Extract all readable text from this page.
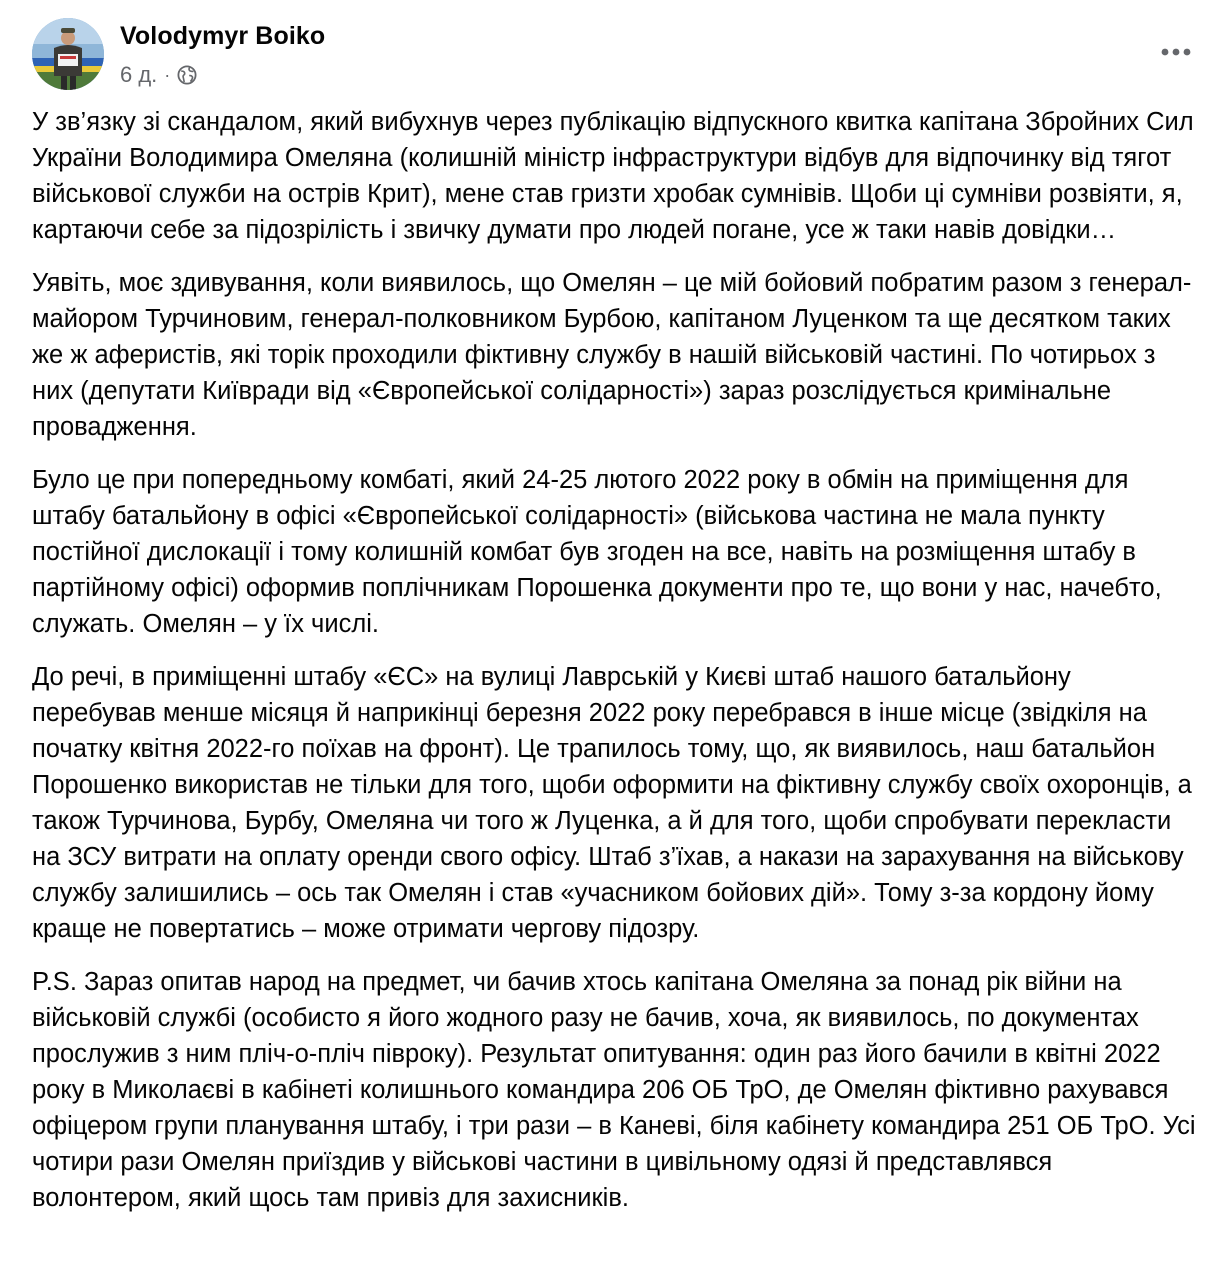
Volodymyr Boiko
6 д. ·

У зв’язку зі скандалом, який вибухнув через публікацію відпускного квитка капітана Збройних Сил України Володимира Омеляна (колишній міністр інфраструктури відбув для відпочинку від тягот військової служби на острів Крит), мене став гризти хробак сумнівів. Щоби ці сумніви розвіяти, я, картаючи себе за підозрілість і звичку думати про людей погане, усе ж таки навів довідки…

Уявіть, моє здивування, коли виявилось, що Омелян – це мій бойовий побратим разом з генерал-майором Турчиновим, генерал-полковником Бурбою, капітаном Луценком та ще десятком таких же ж аферистів, які торік проходили фіктивну службу в нашій військовій частині. По чотирьох з них (депутати Київради від «Європейської солідарності») зараз розслідується кримінальне провадження.

Було це при попередньому комбаті, який 24-25 лютого 2022 року в обмін на приміщення для штабу батальйону в офісі «Європейської солідарності» (військова частина не мала пункту постійної дислокації і тому колишній комбат був згоден на все, навіть на розміщення штабу в партійному офісі) оформив поплічникам Порошенка документи про те, що вони у нас, начебто, служать. Омелян – у їх числі.

До речі, в приміщенні штабу «ЄС» на вулиці Лаврській у Києві штаб нашого батальйону перебував менше місяця й наприкінці березня 2022 року перебрався в інше місце (звідкіля на початку квітня 2022-го поїхав на фронт). Це трапилось тому, що, як виявилось, наш батальйон Порошенко використав не тільки для того, щоби оформити на фіктивну службу своїх охоронців, а також Турчинова, Бурбу, Омеляна чи того ж Луценка, а й для того, щоби спробувати перекласти на ЗСУ витрати на оплату оренди свого офісу. Штаб з’їхав, а накази на зарахування на військову службу залишились – ось так Омелян і став «учасником бойових дій». Тому з-за кордону йому краще не повертатись – може отримати чергову підозру.

P.S. Зараз опитав народ на предмет, чи бачив хтось капітана Омеляна за понад рік війни на військовій службі (особисто я його жодного разу не бачив, хоча, як виявилось, по документах прослужив з ним пліч-о-пліч півроку). Результат опитування: один раз його бачили в квітні 2022 року в Миколаєві в кабінеті колишнього командира 206 ОБ ТрО, де Омелян фіктивно рахувався офіцером групи планування штабу, і три рази – в Каневі, біля кабінету командира 251 ОБ ТрО. Усі чотири рази Омелян приїздив у військові частини в цивільному одязі й представлявся волонтером, який щось там привіз для захисників.
